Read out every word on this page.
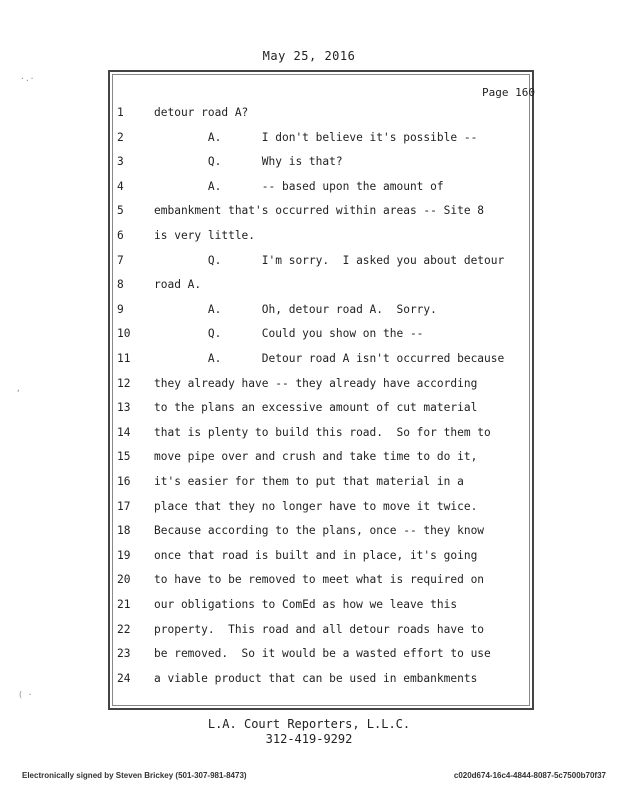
May 25, 2016
Page 160
1	detour road A?
2	A.      I don't believe it's possible --
3	Q.      Why is that?
4	A.      -- based upon the amount of
5	embankment that's occurred within areas -- Site 8
6	is very little.
7	Q.      I'm sorry.  I asked you about detour
8	road A.
9	A.      Oh, detour road A.  Sorry.
10	Q.      Could you show on the --
11	A.      Detour road A isn't occurred because
12	they already have -- they already have according
13	to the plans an excessive amount of cut material
14	that is plenty to build this road.  So for them to
15	move pipe over and crush and take time to do it,
16	it's easier for them to put that material in a
17	place that they no longer have to move it twice.
18	Because according to the plans, once -- they know
19	once that road is built and in place, it's going
20	to have to be removed to meet what is required on
21	our obligations to ComEd as how we leave this
22	property.  This road and all detour roads have to
23	be removed.  So it would be a wasted effort to use
24	a viable product that can be used in embankments
L.A. Court Reporters, L.L.C.
312-419-9292
Electronically signed by Steven Brickey (501-307-981-8473)	c020d674-16c4-4844-8087-5c7500b70f37
·.·
( ·
,
